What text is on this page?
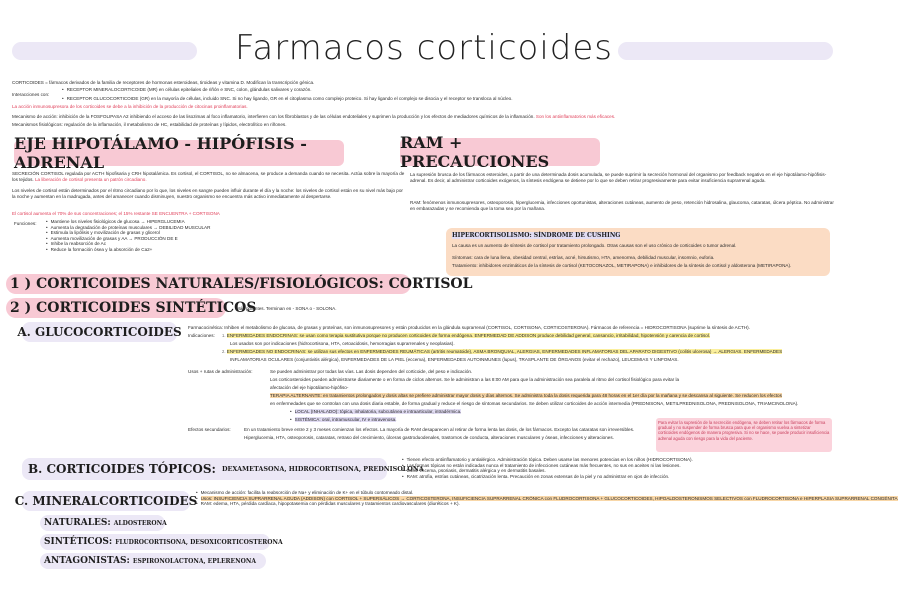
Farmacos corticoides
CORTICOIDES = fármacos derivados de la familia de receptores de hormonas esteroideas, tiroideas y vitamina D. Modifican la transcripción génica.
Interacciones con:
• RECEPTOR MINERALOCORTICOIDE (MR) en células epiteliales de riñón e SNC, colon, glándulas salivares y corazón.
• RECEPTOR GLUCOCORTICOIDE (GR) en la mayoría de células, incluido SNC. Si no hay ligando, GR en el citoplasma como complejo proteico. Si hay ligando el complejo se disocia y el receptor se transloca al núcleo.
La acción inmunosupresora de los corticoides se debe a la inhibición de la producción de citocinas proinflamatorias.
Mecanismo de acción: inhibición de la FOSFOLIPASA A2 inhibiendo el acceso de las lisozimas al foco inflamatorio, interfieren con los fibroblastos y de las células endoteliales y suprimen la producción y los efectos de mediadores químicos de la inflamación. Son los antiinflamatorios más eficaces.
Mecanismos fisiológicos: regulación de la inflamación, il metabolismo de HC, estabilidad de proteínas y lípidos, electrolítico en riñones.
EJE HIPOTÁLAMO - HIPÓFISIS - ADRENAL
RAM + PRECAUCIONES
SECRECIÓN CORTISOL regulada por ACTH hipofisaria y CRH hipotalámica. Es cortisol, el CORTISOL, no se almacena, se produce a demanda cuando se necesita. Actúa sobre la mayoría de los tejidos. La liberación de cortisol presenta un patrón circadiano.
Los niveles de cortisol están determinados por el ritmo circadiano por lo que, los niveles en sangre pueden influir durante el día y la noche: los niveles de cortisol están en su nivel más bajo por la noche y aumentan en la madrugada, antes del amanecer cuando disminuyen, nuestro organismo se encuentra más activo inmediatamente al despertarse.
El cortisol aumenta el 70% de sus concentraciones; el 15% restante SE ENCUENTRA + CORTISONA
Funciones:
•	Mantiene los niveles fisiológicos de glucosa → HIPERGLUCEMIA
• Aumenta la degradación de proteínas musculares → DEBILIDAD MUSCULAR
• Estimula la lipólisis y movilización de grasas y glicerol
• Aumenta movilización de grasas y AA → PRODUCCIÓN DE E
• Inhibe la reabsorción de Ac
• Reduce la formación ósea y la absorción de Ca2+
La supresión brusca de los fármacos esteroides, a partir de una determinada dosis acumulada, se puede suprimir la secreción hormonal del organismo por feedback negativo en el eje hipotálamo-hipófisis-adrenal. Es decir, al administrar corticoides exógenos, la síntesis endógena se detiene por lo que se deben retirar progresivamente para evitar insuficiencia suprarrenal aguda.
RAM: fenómenos inmunosupresores, osteoporosis, hiperglucemia, infecciones oportunistas, alteraciones cutáneas, aumento de peso, retención hidrosalina, glaucoma, cataratas, úlcera péptica. No administrar en embarazadas y se recomienda que la toma sea por la mañana.
HIPERCORTISOLISMO: SÍNDROME DE CUSHING
La causa es un aumento de síntesis de cortisol por tratamiento prolongado. Otras causas son el uso crónico de corticoides o tumor adrenal.
Síntomas: cara de luna llena, obesidad central, estrías, acné, hirsutismo, HTA, amenorrea, debilidad muscular, insomnio, euforia.
Tratamiento: inhibidores enzimáticos de la síntesis de cortisol (KETOCONAZOL, METIRAPONA) e inhibidores de la síntesis de cortisol y aldosterona (METIRAPONA).
1 ) CORTICOIDES NATURALES/FISIOLÓGICOS: CORTISOL
2 ) CORTICOIDES SINTÉTICOS
Más potentes. Terminan en - SONA o - SOLONA.
A. GLUCOCORTICOIDES Farmacocinética: Inhiben el metabolismo de glucosa, de grasas y proteínas, son inmunosupresores y están producidos en la glándula suprarrenal (CORTISOL, CORTISONA, CORTICOSTERONA). Fármacos de referencia = HIDROCORTISONA (suprime la síntesis de ACTH).
Indicaciones:	1. ENFERMEDADES ENDOCRINAS: se usan como terapia sustitutiva porque no producen corticoides de forma endógena. ENFERMEDAD DE ADDISON produce debilidad general, cansancio, irritabilidad, hipotensión y carencia de cortisol.
Los usados son por indicaciones (hidrocortisona, HTA, cetoacidosis, hemorragias suprarrenales y neoplasias).
2. ENFERMEDADES NO ENDOCRINAS: se utilizan sus efectos en ENFERMEDADES REUMÁTICAS (artritis reumatoide), ASMA BRONQUIAL, ALERGIAS, ENFERMEDADES INFLAMATORIAS DEL APARATO DIGESTIVO (colitis ulcerosa) → ALERGIAS. ENFERMEDADES
INFLAMATORIAS OCULARES (conjuntivitis alérgica), ENFERMEDADES DE LA PIEL (eccema), ENFERMEDADES AUTOINMUNES (lupus), TRASPLANTE DE ÓRGANOS (evitar el rechazo), LEUCEMIAS Y LINFOMAS.
Usos + rutas de administración:	Se pueden administrar por todas las vías. Las dosis dependen del corticoide, del peso e indicación.
Los corticosteroides pueden administrarse diariamente o en forma de ciclos alternos. Se le administran a las 8:00 AM para que la administración sea paralela al ritmo del cortisol fisiológico para evitar la
afectación del eje hipotálamo-hipófiso-
TERAPIA ALTERNANTE: en tratamientos prolongados y dosis altas se prefiere administrar mayor dosis y días alternos. Se administra toda la dosis requerida para 48 horas en el 1er día por la mañana y se descansa al siguiente. Se reducen los efectos
en enfermedades que se controlan con una dosis diaria estable, de forma gradual y reduce el riesgo de síntomas secundarios. Se deben utilizar corticoides de acción intermedia (PREDNISONA, METILPREDNISOLONA, PREDNISOLONA, TRIAMCINOLONA).
• LOCAL (INHALADO): tópica, inhalatoria, subcutánea e intraarticular, intradérmica.
• SISTÉMICA: oral, intramuscular, IV e intravenosa.
Efectos secundarios:	En un tratamiento breve entre 2 y 3 meses comienzan los efectos. La mayoría de RAM desaparecen al retirar de forma lenta las dosis, de los fármacos. Excepto las cataratas son irreversibles.
Hiperglucemia, HTA, osteoporosis, cataratas, retraso del crecimiento, úlceras gastroduodenales, trastornos de conducta, alteraciones musculares y óseas, infecciones y alteraciones.
Para evitar la supresión de la secreción endógena, se deben retirar los fármacos de forma gradual y no suspender de forma brusca para que el organismo vuelva a sintetizar corticoides endógenos de manera progresiva. Si no se hace, se puede producir insuficiencia adrenal aguda con riesgo para la vida del paciente.
B. CORTICOIDES TÓPICOS: DEXAMETASONA, HIDROCORTISONA, PREDNISOLONA
• Tienen efecto antiinflamatorio y antialérgico. Administración tópica. Deben usarse las menores potencias en los niños (HIDROCORTISONA).
• Las formas tópicas no están indicadas nunca el tratamiento de infecciones cutáneas más frecuentes, no sus en aceites ni las lesiones.
• Usos: eccema, psoriasis, dermatitis alérgica y en dermatitis basales.
• RAM: atrofia, estrías cutáneas, cicatrización lenta. Precaución en zonas extensas de la piel y no administrar en ojos de infección.
C. MINERALCORTICOIDES
• Mecanismo de acción: facilita la reabsorción de Na+ y eliminación de K+ en el túbulo contorneado distal.
• Usos: INSUFICIENCIA SUPRARRENAL AGUDA (ADDISON) con CORTISOL + SUPERSÁLICOS → CORTICOSTERONA, INSUFICIENCIA SUPRARRENAL CRÓNICA con FLUDROCORTISONA + GLUCOCORTICOIDES, HIPOALDOSTERONISMOS SELECTIVOS con FLUDROCORTISONA e HIPERPLASIA SUPRARRENAL CONGÉNITA
• RAM: edema, HTA, pérdida cardíaca, hipopotasemia con pérdidas musculares y tratamientos cardiovasculares (diuréticos + K).
NATURALES: ALDOSTERONA
SINTÉTICOS: FLUDROCORTISONA, DESOXICORTICOSTERONA
ANTAGONISTAS: ESPIRONOLACTONA, EPLERENONA
